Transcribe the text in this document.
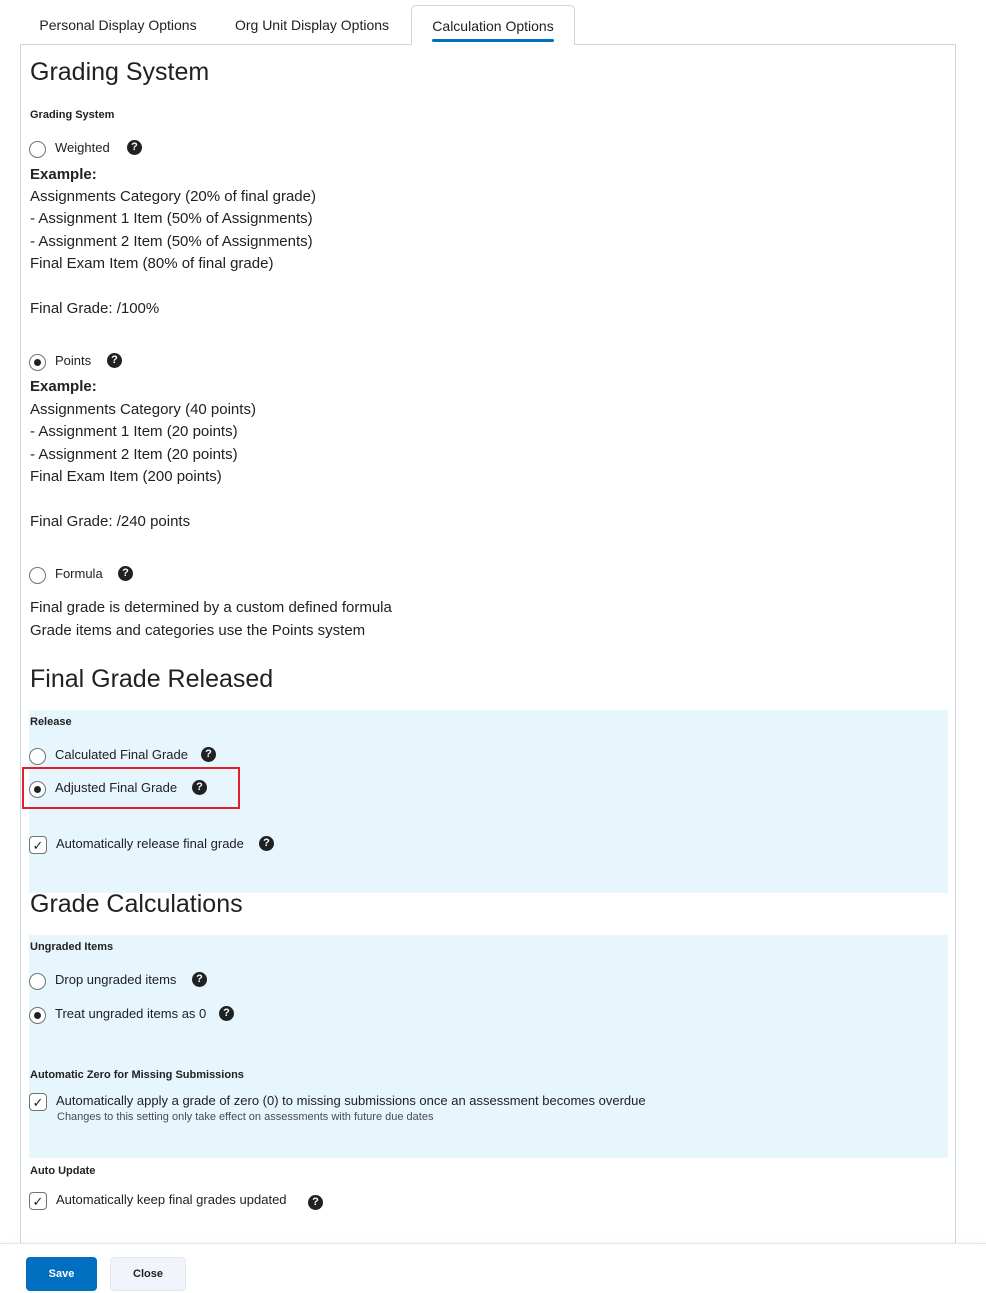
Personal Display Options	Org Unit Display Options	Calculation Options
Grading System
Grading System
Weighted	?
Example:
Assignments Category (20% of final grade)
- Assignment 1 Item (50% of Assignments)
- Assignment 2 Item (50% of Assignments)
Final Exam Item (80% of final grade)
Final Grade: /100%
Points	?
Example:
Assignments Category (40 points)
- Assignment 1 Item (20 points)
- Assignment 2 Item (20 points)
Final Exam Item (200 points)
Final Grade: /240 points
Formula	?
Final grade is determined by a custom defined formula
Grade items and categories use the Points system
Final Grade Released
Release
Calculated Final Grade	?
Adjusted Final Grade	?
✓ Automatically release final grade	?
Grade Calculations
Ungraded Items
Drop ungraded items	?
Treat ungraded items as 0	?
Automatic Zero for Missing Submissions
✓ Automatically apply a grade of zero (0) to missing submissions once an assessment becomes overdue
Changes to this setting only take effect on assessments with future due dates
Auto Update
✓ Automatically keep final grades updated	?
Save	Close
